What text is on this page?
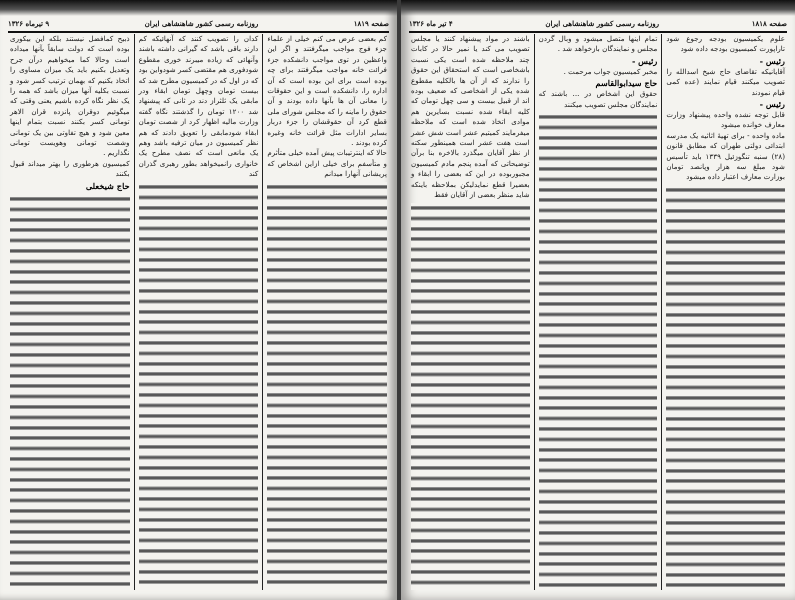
صفحه ۱۸۱۹
روزنامه رسمی کشور شاهنشاهی ایران
۹ تیرماه ۱۳۲۶

کم بعضی عرض می کنم خیلی از علماء جزء فوج مواجب میگرفتند و اگر این واعظین در توی مواجب دانشکده جزء فرائت خانه مواجب میگرفتند برای چه بوده است برای این بوده است که آن اداره را، دانشکده است و این حقوقات را معانی آن ها بآنها داده بودند و آن حقوق را ماینه را که مجلس شورای ملی قطع کرد آن حقوقشان را جزء دربار بسایر ادارات مثل قرائت خانه وغیره کرده بودند .

حالا که اینترتیبات پیش آمده خیلی متأثرم و متأسفم برای خیلی ازاین اشخاص که پریشانی آنهارا میدانم

کدان را تصویب کنند که آنهائیکه کم دارند باقی باشد که گیرانی داشته باشند وآنهائی که زیاده میبرند خوری مقطوع شودفوری هم مقتضی کسر شودواین بود که در اول که در کمیسیون مطرح شد که بیست تومان وچهل تومان ابقاء ودر مابقی یک ثلثراز دند در ثانی که پیشنهاد شد ۱۲۰۰ تومان را گذشتند نگاه گفته وزارت مالیه اظهار کرد از شصت تومان ابقاء شودمابقی را تعویق دادند که هم نظر کمیسیون در میان ترفیه باشد وهم یک مانعی است که نصف مطرح یک خانواری رانمیخواهد بطور رهبری گذران کند

ذبیح کمافضل نیستند بلکه این بیکوری بوده است که دولت سابقاً بآنها میداده است وحالا کما میخواهیم درآن جرح وتعدیل بکنیم باید یک میزان مساوی را اتخاذ بکنیم که بهمان ترتیب کسر شود و نسبت بکلیه آنها میزان باشد که همه را یک نظر نگاه کرده باشیم یعنی وقتی که میگوئیم دوقران پانزده قران الاهر تومانی کسر بکنند نسبت بتمام اینها معین شود و هیچ تفاوتی بین یک تومانی وشصت تومانی وهویست تومانی نگذاریم .

کمیسیون هرطوری را بهتر میداند قبول بکنند

حاج شیخعلی

صفحه ۱۸۱۸
روزنامه رسمی کشور شاهنشاهی ایران
۴ تیر ماه ۱۳۲۶

علوم یکمیسیون بودجه رجوع شود تاراپورت کمیسیون بودجه داده شود

رئیس -

آقایانیکه تقاضای حاج شیخ اسدالله را تصویب میکنند قیام نمایند (عده کمی قیام نمودند

رئیس -

قابل توجه نشده واحده پیشنهاد وزارت معارف خوانده میشود

ماده واحده - برای تهیهٔ اثاثیه یک مدرسه ابتدائی دولتی طهران که مطابق قانون (۲۸) سنبه تنگوزئیل ۱۳۳۹ باید تأسیس شود مبلغ سه هزار وپانصد تومان بوزارت معارف اعتبار داده میشود

تمام اینها متصل میشود و وبال گردن مجلس و نمایندگان بازخواهد شد .

رئیس -

مخبر کمیسیون جواب مرحمت .

حاج سیدابوالقاسم

حقوق این اشخاص در ... باشند که نمایندگان مجلس تصویب میکنند

باشند در مواد پیشنهاد کنند یا مجلس تصویب می کند یا نمیر حالا در کابات چند ملاحظه شده است یکی نسبت باشخاصی است که استحقاق این حقوق را ندارند که از آن ها بالکلیه مقطوع شده یکی از اشخاصی که ضعیف بوده اند از قبیل بیست و سی چهل تومان که کلیه ابقاء شده نسبت بسایرین هم موادی اتخاذ شده است که ملاحظه میفرمایند کمیتیم عشر است شش عشر است هفت عشر است همینطور سکته از نظر آقایان میگذرد بالاخره بنا برآن توضیحاتی که آمده پنجم مادم کمیسیون مجبوربوده در این که بعضی را ابقاء و بعضیرا قطع نمایدلیکن بملاحظه باینکه شاید منظر بعضی از آقایان فقط
